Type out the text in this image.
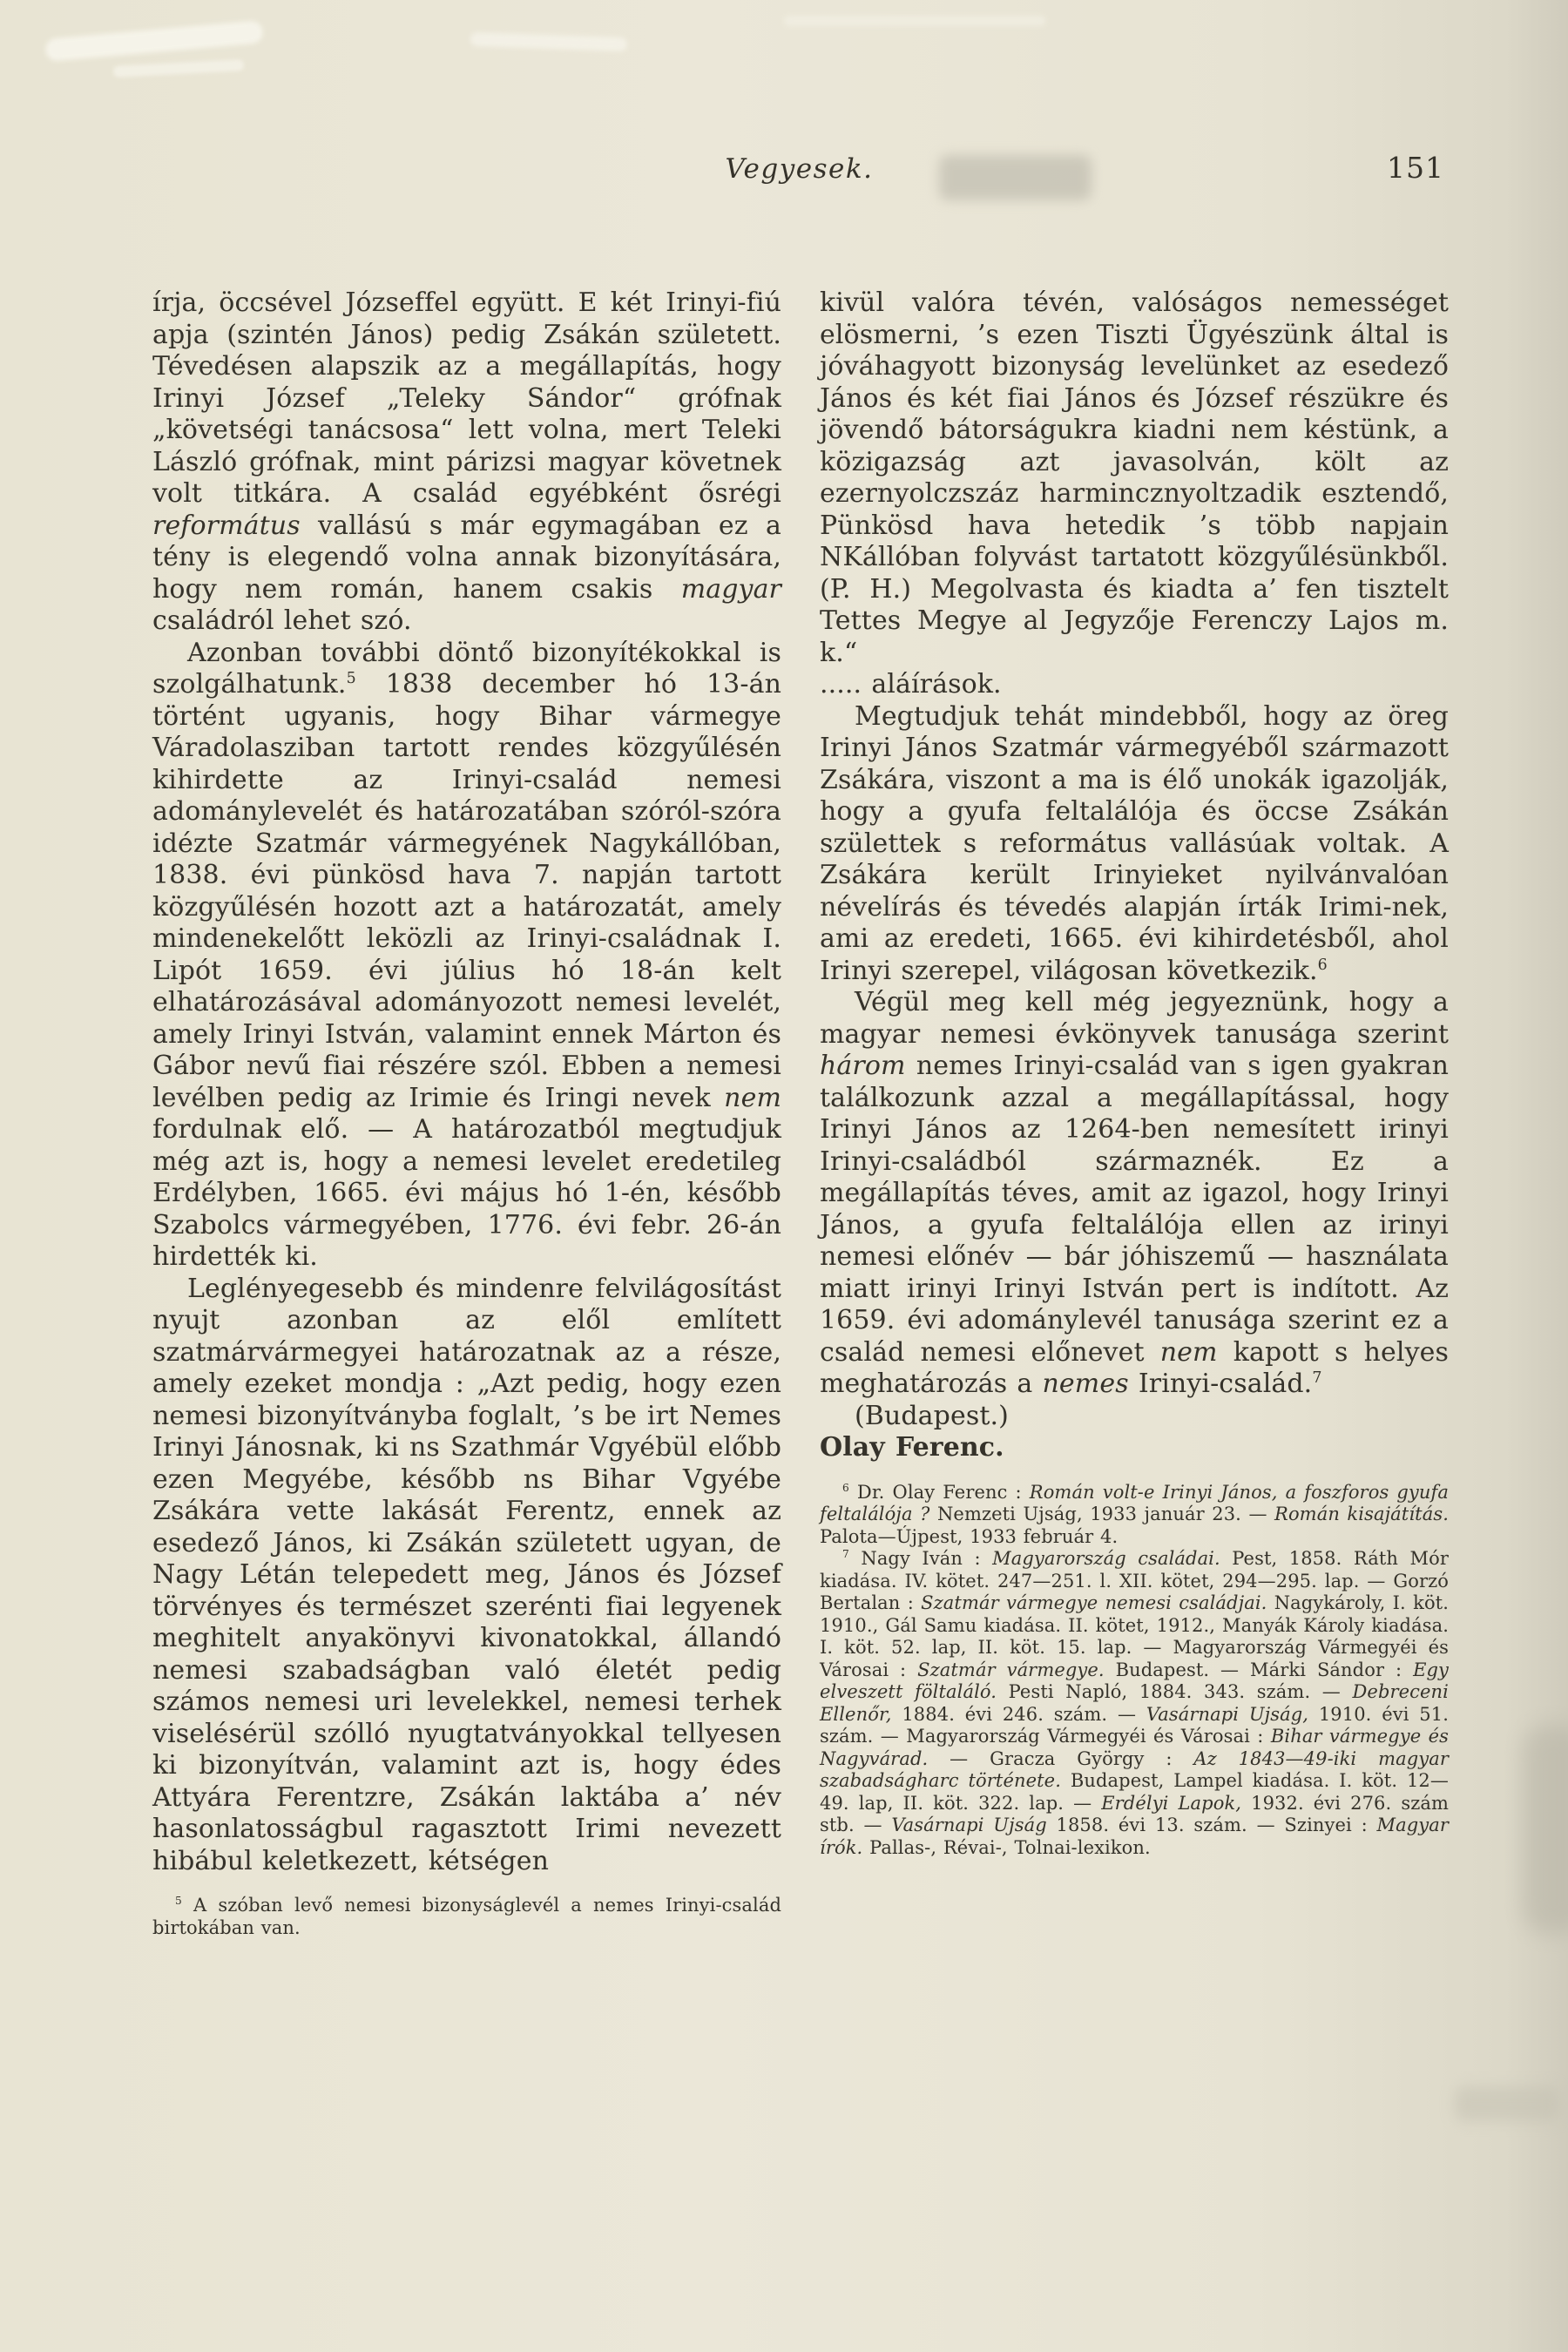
Vegyesek.	151

írja, öccsével Józseffel együtt. E két Irinyi-fiú apja (szintén János) pedig Zsákán született. Tévedésen alapszik az a megállapítás, hogy Irinyi József „Teleky Sándor“ grófnak „követségi tanácsosa“ lett volna, mert Teleki László grófnak, mint párizsi magyar követnek volt titkára. A család egyébként ősrégi református vallású s már egymagában ez a tény is elegendő volna annak bizonyítására, hogy nem román, hanem csakis magyar családról lehet szó.

Azonban további döntő bizonyítékokkal is szolgálhatunk.$^5$ 1838 december hó 13-án történt ugyanis, hogy Bihar vármegye Váradolasziban tartott rendes közgyűlésén kihirdette az Irinyi-család nemesi adománylevelét és határozatában szóról-szóra idézte Szatmár vármegyének Nagykállóban, 1838. évi pünkösd hava 7. napján tartott közgyűlésén hozott azt a határozatát, amely mindenekelőtt leközli az Irinyi-családnak I. Lipót 1659. évi július hó 18-án kelt elhatározásával adományozott nemesi levelét, amely Irinyi István, valamint ennek Márton és Gábor nevű fiai részére szól. Ebben a nemesi levélben pedig az Irimie és Iringi nevek nem fordulnak elő. — A határozatból megtudjuk még azt is, hogy a nemesi levelet eredetileg Erdélyben, 1665. évi május hó 1-én, később Szabolcs vármegyében, 1776. évi febr. 26-án hirdették ki.

Leglényegesebb és mindenre felvilágosítást nyujt azonban az elől említett szatmárvármegyei határozatnak az a része, amely ezeket mondja : „Azt pedig, hogy ezen nemesi bizonyítványba foglalt, ’s be irt Nemes Irinyi Jánosnak, ki ns Szathmár Vgyébül előbb ezen Megyébe, később ns Bihar Vgyébe Zsákára vette lakását Ferentz, ennek az esedező János, ki Zsákán született ugyan, de Nagy Létán telepedett meg, János és József törvényes és természet szerénti fiai legyenek meghitelt anyakönyvi kivonatokkal, állandó nemesi szabadságban való életét pedig számos nemesi uri levelekkel, nemesi terhek viselésérül szólló nyugtatványokkal tellyesen ki bizonyítván, valamint azt is, hogy édes Attyára Ferentzre, Zsákán laktába a’ név hasonlatosságbul ragasztott Irimi nevezett hibábul keletkezett, kétségen

$^5$ A szóban levő nemesi bizonyságlevél a nemes Irinyi-család birtokában van.

kivül valóra tévén, valóságos nemességet elösmerni, ’s ezen Tiszti Ügyészünk által is jóváhagyott bizonyság levelünket az esedező János és két fiai János és József részükre és jövendő bátorságukra kiadni nem késtünk, a közigazság azt javasolván, költ az ezernyolczszáz harmincznyoltzadik esztendő, Pünkösd hava hetedik ’s több napjain NKállóban folyvást tartatott közgyűlésünkből. (P. H.) Megolvasta és kiadta a’ fen tisztelt Tettes Megye al Jegyzője Ferenczy Lajos m. k.“

..... aláírások.

Megtudjuk tehát mindebből, hogy az öreg Irinyi János Szatmár vármegyéből származott Zsákára, viszont a ma is élő unokák igazolják, hogy a gyufa feltalálója és öccse Zsákán születtek s református vallásúak voltak. A Zsákára került Irinyieket nyilvánvalóan névelírás és tévedés alapján írták Irimi-nek, ami az eredeti, 1665. évi kihirdetésből, ahol Irinyi szerepel, világosan következik.$^6$

Végül meg kell még jegyeznünk, hogy a magyar nemesi évkönyvek tanusága szerint három nemes Irinyi-család van s igen gyakran találkozunk azzal a megállapítással, hogy Irinyi János az 1264-ben nemesített irinyi Irinyi-családból származnék. Ez a megállapítás téves, amit az igazol, hogy Irinyi János, a gyufa feltalálója ellen az irinyi nemesi előnév — bár jóhiszemű — használata miatt irinyi Irinyi István pert is indított. Az 1659. évi adománylevél tanusága szerint ez a család nemesi előnevet nem kapott s helyes meghatározás a nemes Irinyi-család.$^7$

(Budapest.)

Olay Ferenc.

$^6$ Dr. Olay Ferenc : Román volt-e Irinyi János, a foszforos gyufa feltalálója ? Nemzeti Ujság, 1933 január 23. — Román kisajátítás. Palota—Újpest, 1933 február 4.

$^7$ Nagy Iván : Magyarország családai. Pest, 1858. Ráth Mór kiadása. IV. kötet. 247—251. l. XII. kötet, 294—295. lap. — Gorzó Bertalan : Szatmár vármegye nemesi családjai. Nagykároly, I. köt. 1910., Gál Samu kiadása. II. kötet, 1912., Manyák Károly kiadása. I. köt. 52. lap, II. köt. 15. lap. — Magyarország Vármegyéi és Városai : Szatmár vármegye. Budapest. — Márki Sándor : Egy elveszett föltaláló. Pesti Napló, 1884. 343. szám. — Debreceni Ellenőr, 1884. évi 246. szám. — Vasárnapi Ujság, 1910. évi 51. szám. — Magyarország Vármegyéi és Városai : Bihar vármegye és Nagyvárad. — Gracza György : Az 1843—49-iki magyar szabadságharc története. Budapest, Lampel kiadása. I. köt. 12—49. lap, II. köt. 322. lap. — Erdélyi Lapok, 1932. évi 276. szám stb. — Vasárnapi Ujság 1858. évi 13. szám. — Szinyei : Magyar írók. Pallas-, Révai-, Tolnai-lexikon.
